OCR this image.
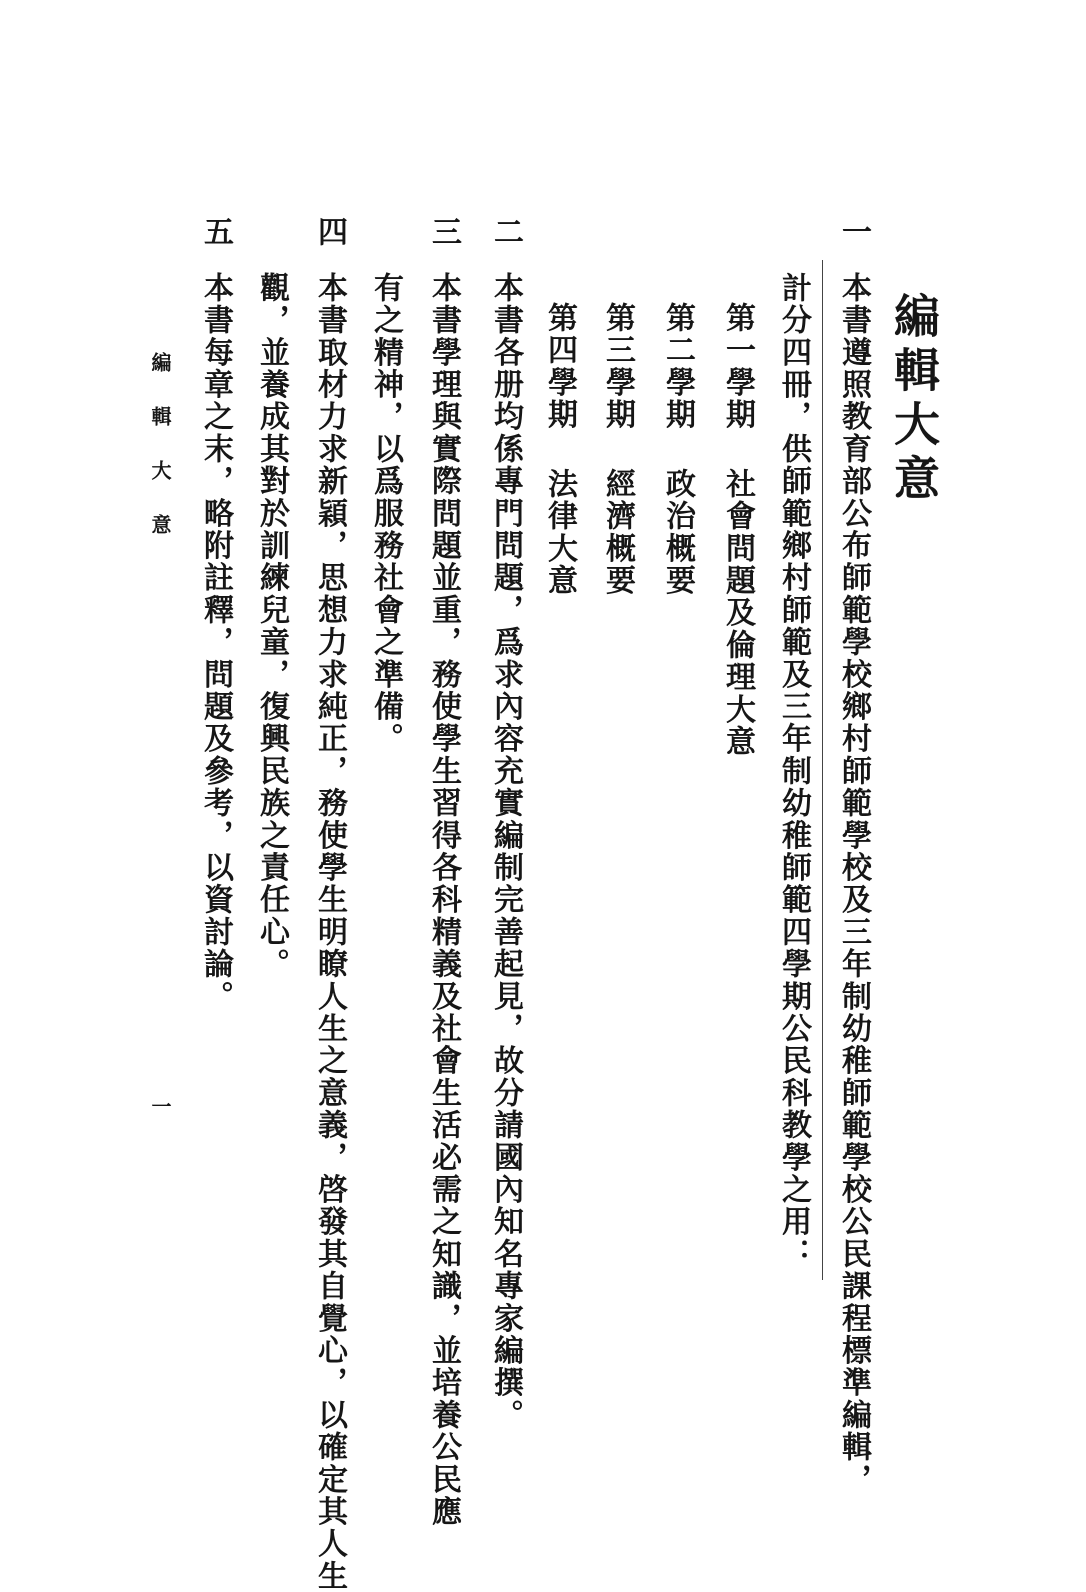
編輯大意
一
本書遵照教育部公布師範學校鄉村師範學校及三年制幼稚師範學校公民課程標準編輯，
計分四冊，供師範鄉村師範及三年制幼稚師範四學期公民科教學之用：
第一學期
社會問題及倫理大意
第二學期
政治概要
第三學期
經濟概要
第四學期
法律大意
二
本書各册均係專門問題，爲求內容充實編制完善起見，故分請國內知名專家編撰。
三
本書學理與實際問題並重，務使學生習得各科精義及社會生活必需之知識，並培養公民應
有之精神，以爲服務社會之準備。
四
本書取材力求新穎，思想力求純正，務使學生明瞭人生之意義，啓發其自覺心，以確定其人生
觀，並養成其對於訓練兒童，復興民族之責任心。
五
本書每章之末，略附註釋，問題及參考，以資討論。
編輯大意
一
